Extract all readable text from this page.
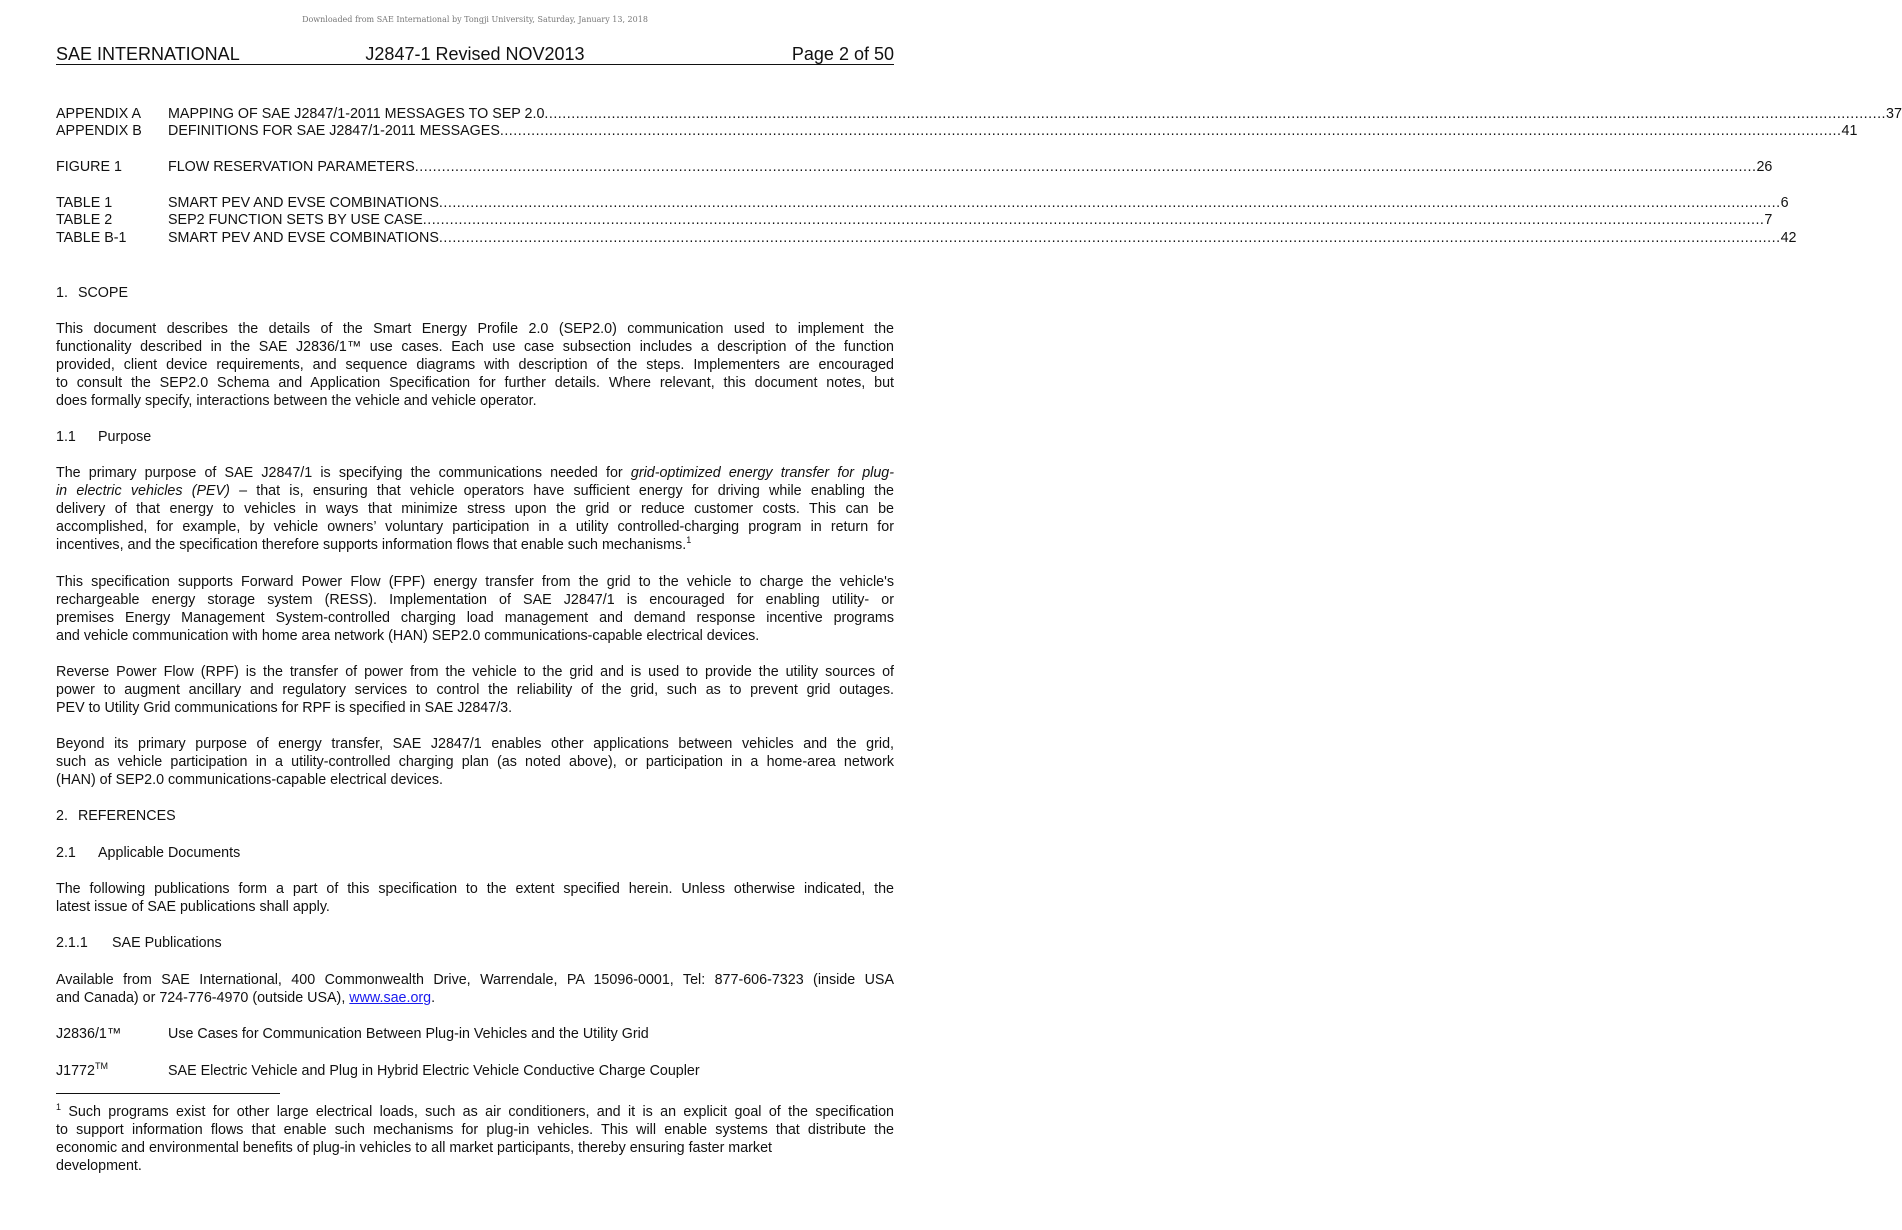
Downloaded from SAE International by Tongji University, Saturday, January 13, 2018
SAE INTERNATIONAL	J2847-1 Revised NOV2013	Page 2 of 50
APPENDIX A	MAPPING OF SAE J2847/1-2011 MESSAGES TO SEP 2.0 ............................................................................................................................................................................................................................................................................................................ 37
APPENDIX B	DEFINITIONS FOR SAE J2847/1-2011 MESSAGES ............................................................................................................................................................................................................................................................................................................ 41
FIGURE 1	FLOW RESERVATION PARAMETERS ............................................................................................................................................................................................................................................................................................................ 26
TABLE 1	SMART PEV AND EVSE COMBINATIONS ............................................................................................................................................................................................................................................................................................................ 6
TABLE 2	SEP2 FUNCTION SETS BY USE CASE ............................................................................................................................................................................................................................................................................................................ 7
TABLE B-1	SMART PEV AND EVSE COMBINATIONS ............................................................................................................................................................................................................................................................................................................ 42
1. SCOPE
1.1 Purpose
2. REFERENCES
2.1 Applicable Documents
2.1.1 SAE Publications
This document describes the details of the Smart Energy Profile 2.0 (SEP2.0) communication used to implement the
functionality described in the SAE J2836/1™ use cases. Each use case subsection includes a description of the function
provided, client device requirements, and sequence diagrams with description of the steps. Implementers are encouraged
to consult the SEP2.0 Schema and Application Specification for further details. Where relevant, this document notes, but
does formally specify, interactions between the vehicle and vehicle operator.
The primary purpose of SAE J2847/1 is specifying the communications needed for grid-optimized energy transfer for plug-
in electric vehicles (PEV) – that is, ensuring that vehicle operators have sufficient energy for driving while enabling the
delivery of that energy to vehicles in ways that minimize stress upon the grid or reduce customer costs. This can be
accomplished, for example, by vehicle owners’ voluntary participation in a utility controlled-charging program in return for
incentives, and the specification therefore supports information flows that enable such mechanisms.$^1$
This specification supports Forward Power Flow (FPF) energy transfer from the grid to the vehicle to charge the vehicle's
rechargeable energy storage system (RESS). Implementation of SAE J2847/1 is encouraged for enabling utility- or
premises Energy Management System-controlled charging load management and demand response incentive programs
and vehicle communication with home area network (HAN) SEP2.0 communications-capable electrical devices.
Reverse Power Flow (RPF) is the transfer of power from the vehicle to the grid and is used to provide the utility sources of
power to augment ancillary and regulatory services to control the reliability of the grid, such as to prevent grid outages.
PEV to Utility Grid communications for RPF is specified in SAE J2847/3.
Beyond its primary purpose of energy transfer, SAE J2847/1 enables other applications between vehicles and the grid,
such as vehicle participation in a utility-controlled charging plan (as noted above), or participation in a home-area network
(HAN) of SEP2.0 communications-capable electrical devices.
The following publications form a part of this specification to the extent specified herein. Unless otherwise indicated, the
latest issue of SAE publications shall apply.
Available from SAE International, 400 Commonwealth Drive, Warrendale, PA 15096-0001, Tel: 877-606-7323 (inside USA
and Canada) or 724-776-4970 (outside USA), www.sae.org.
$^1$ Such programs exist for other large electrical loads, such as air conditioners, and it is an explicit goal of the specification
to support information flows that enable such mechanisms for plug-in vehicles. This will enable systems that distribute the
economic and environmental benefits of plug-in vehicles to all market participants, thereby ensuring faster market
development.
J2836/1™	Use Cases for Communication Between Plug-in Vehicles and the Utility Grid
J1772™	SAE Electric Vehicle and Plug in Hybrid Electric Vehicle Conductive Charge Coupler
